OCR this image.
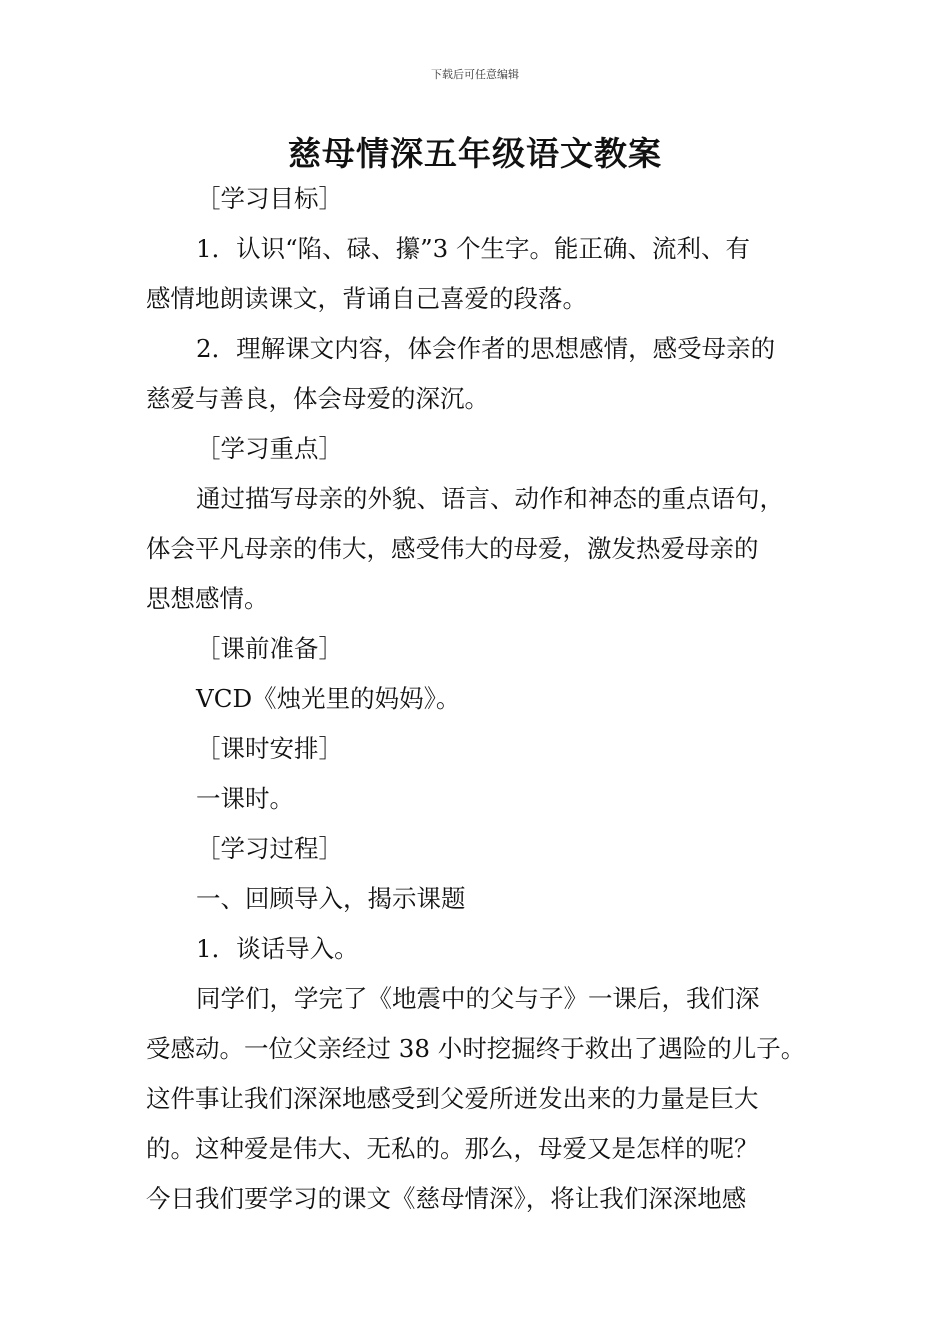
下载后可任意编辑
慈母情深五年级语文教案
［学习目标］
1．认识“陷、碌、攥”3 个生字。能正确、流利、有
感情地朗读课文，背诵自己喜爱的段落。
2．理解课文内容，体会作者的思想感情，感受母亲的
慈爱与善良，体会母爱的深沉。
［学习重点］
通过描写母亲的外貌、语言、动作和神态的重点语句，
体会平凡母亲的伟大，感受伟大的母爱，激发热爱母亲的
思想感情。
［课前准备］
VCD《烛光里的妈妈》。
［课时安排］
一课时。
［学习过程］
一、回顾导入，揭示课题
1．谈话导入。
同学们，学完了《地震中的父与子》一课后，我们深
受感动。一位父亲经过 38 小时挖掘终于救出了遇险的儿子。
这件事让我们深深地感受到父爱所迸发出来的力量是巨大
的。这种爱是伟大、无私的。那么，母爱又是怎样的呢？
今日我们要学习的课文《慈母情深》，将让我们深深地感
